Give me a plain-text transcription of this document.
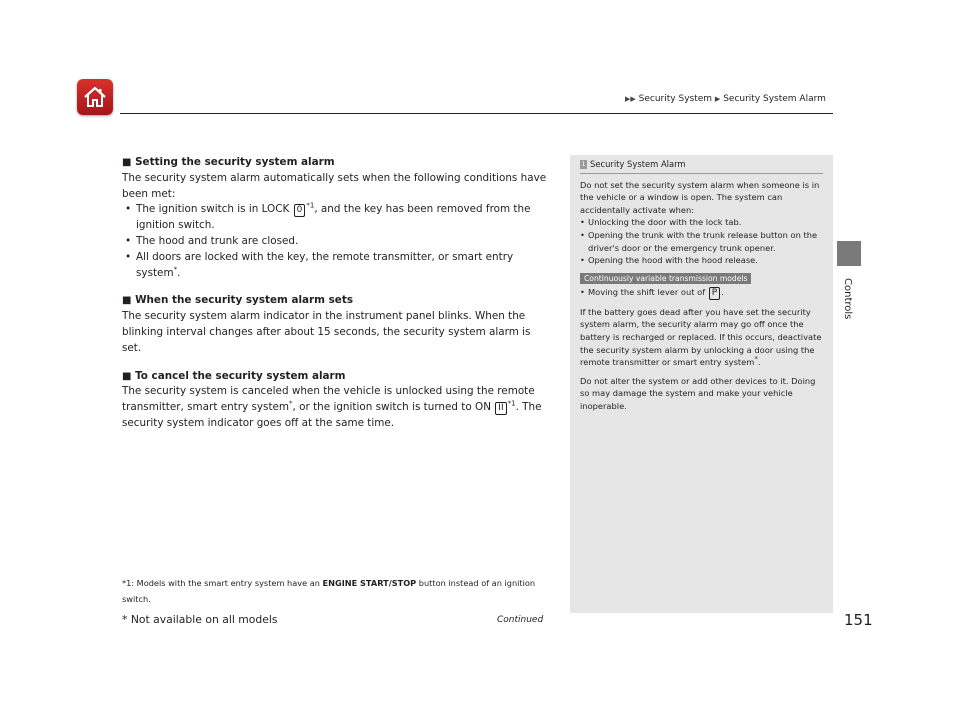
▶▶ Security System ▶ Security System Alarm
Controls
■ Setting the security system alarm

The security system alarm automatically sets when the following conditions have been met:

• The ignition switch is in LOCK 0 $^{*1}$, and the key has been removed from the ignition switch.
• The hood and trunk are closed.
• All doors are locked with the key, the remote transmitter, or smart entry system*.
■ When the security system alarm sets

The security system alarm indicator in the instrument panel blinks. When the blinking interval changes after about 15 seconds, the security system alarm is set.

■ To cancel the security system alarm

The security system is canceled when the vehicle is unlocked using the remote transmitter, smart entry system*, or the ignition switch is turned to ON II $^{*1}$. The security system indicator goes off at the same time.

*1: Models with the smart entry system have an ENGINE START/STOP button instead of an ignition switch.
1 Security System Alarm

Do not set the security system alarm when someone is in the vehicle or a window is open. The system can accidentally activate when:

• Unlocking the door with the lock tab.
• Opening the trunk with the trunk release button on the driver's door or the emergency trunk opener.
• Opening the hood with the hood release.
Continuously variable transmission models
• Moving the shift lever out of P .

If the battery goes dead after you have set the security system alarm, the security alarm may go off once the battery is recharged or replaced. If this occurs, deactivate the security system alarm by unlocking a door using the remote transmitter or smart entry system*.

Do not alter the system or add other devices to it. Doing so may damage the system and make your vehicle inoperable.

* Not available on all models	Continued	151
